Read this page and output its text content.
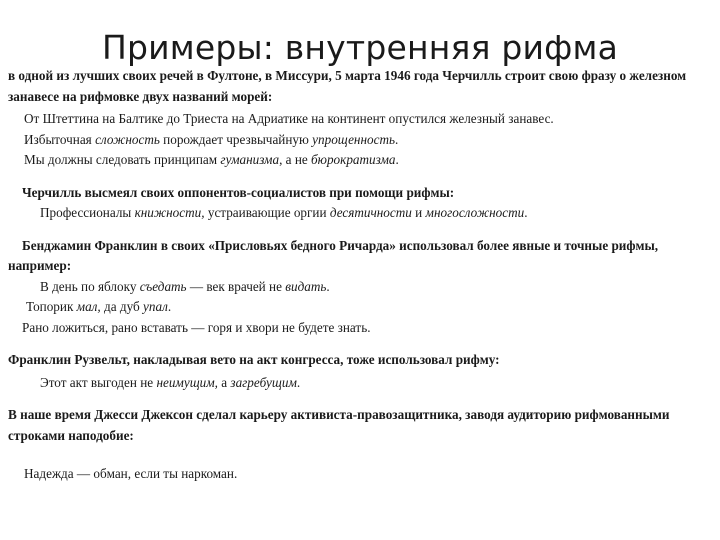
Примеры: внутренняя рифма

в одной из лучших своих речей в Фултоне, в Миссури, 5 марта 1946 года Черчилль строит свою фразу о железном занавесе на рифмовке двух названий морей:

От Штеттина на Балтике до Триеста на Адриатике на континент опустился железный занавес.

Избыточная сложность порождает чрезвычайную упрощенность.

Мы должны следовать принципам гуманизма, а не бюрократизма.

Черчилль высмеял своих оппонентов-социалистов при помощи рифмы:

Профессионалы книжности, устраивающие оргии десятичности и многосложности.

Бенджамин Франклин в своих «Присловьях бедного Ричарда» использовал более явные и точные рифмы, например:

В день по яблоку съедать — век врачей не видать.

Топорик мал, да дуб упал.

Рано ложиться, рано вставать — горя и хвори не будете знать.

Франклин Рузвельт, накладывая вето на акт конгресса, тоже использовал рифму:

Этот акт выгоден не неимущим, а загребущим.

В наше время Джесси Джексон сделал карьеру активиста-правозащитника, заводя аудиторию рифмованными строками наподобие:

Надежда — обман, если ты наркоман.
